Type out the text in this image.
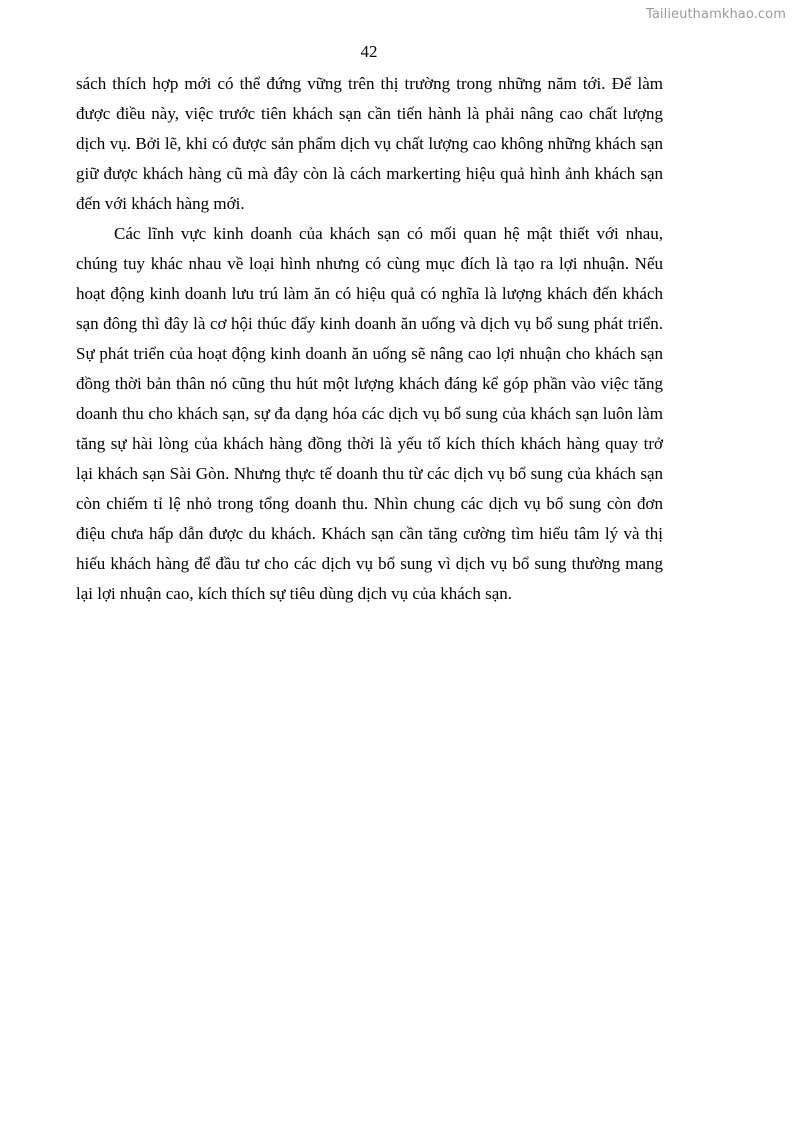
Tailieuthamkhao.com
42

sách thích hợp mới có thể đứng vững trên thị trường trong những năm tới. Để làm được điều này, việc trước tiên khách sạn cần tiến hành là phải nâng cao chất lượng dịch vụ. Bởi lẽ, khi có được sản phẩm dịch vụ chất lượng cao không những khách sạn giữ được khách hàng cũ mà đây còn là cách markerting hiệu quả hình ảnh khách sạn đến với khách hàng mới.

Các lĩnh vực kinh doanh của khách sạn có mối quan hệ mật thiết với nhau, chúng tuy khác nhau về loại hình nhưng có cùng mục đích là tạo ra lợi nhuận. Nếu hoạt động kinh doanh lưu trú làm ăn có hiệu quả có nghĩa là lượng khách đến khách sạn đông thì đây là cơ hội thúc đẩy kinh doanh ăn uống và dịch vụ bổ sung phát triển. Sự phát triển của hoạt động kinh doanh ăn uống sẽ nâng cao lợi nhuận cho khách sạn đồng thời bản thân nó cũng thu hút một lượng khách đáng kể góp phần vào việc tăng doanh thu cho khách sạn, sự đa dạng hóa các dịch vụ bổ sung của khách sạn luôn làm tăng sự hài lòng của khách hàng đồng thời là yếu tố kích thích khách hàng quay trở lại khách sạn Sài Gòn. Nhưng thực tế doanh thu từ các dịch vụ bổ sung của khách sạn còn chiếm tỉ lệ nhỏ trong tổng doanh thu. Nhìn chung các dịch vụ bổ sung còn đơn điệu chưa hấp dẫn được du khách. Khách sạn cần tăng cường tìm hiểu tâm lý và thị hiếu khách hàng để đầu tư cho các dịch vụ bổ sung vì dịch vụ bổ sung thường mang lại lợi nhuận cao, kích thích sự tiêu dùng dịch vụ của khách sạn.
